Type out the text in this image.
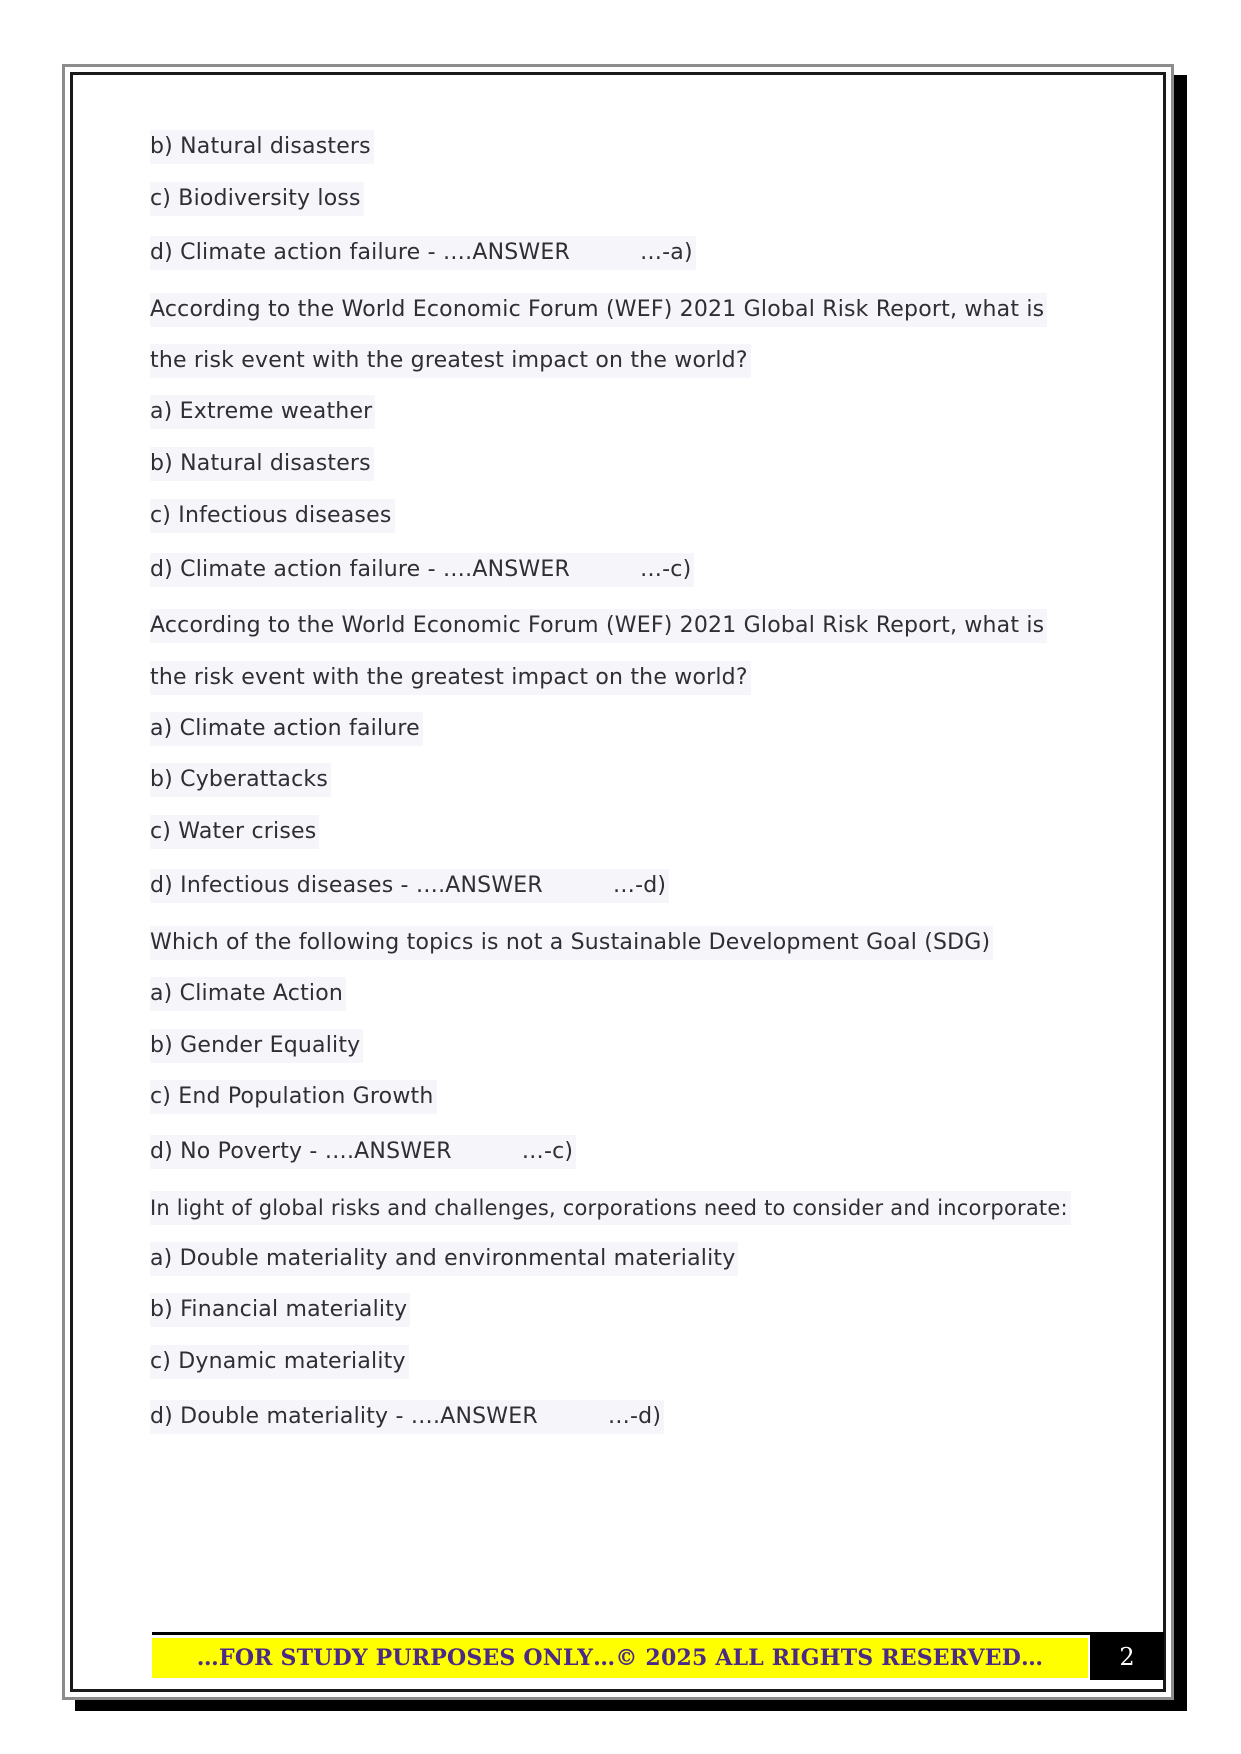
b) Natural disasters
c) Biodiversity loss
d) Climate action failure - ….ANSWER	…-a)
According to the World Economic Forum (WEF) 2021 Global Risk Report, what is
the risk event with the greatest impact on the world?
a) Extreme weather
b) Natural disasters
c) Infectious diseases
d) Climate action failure - ….ANSWER	…-c)
According to the World Economic Forum (WEF) 2021 Global Risk Report, what is
the risk event with the greatest impact on the world?
a) Climate action failure
b) Cyberattacks
c) Water crises
d) Infectious diseases - ….ANSWER	…-d)
Which of the following topics is not a Sustainable Development Goal (SDG)
a) Climate Action
b) Gender Equality
c) End Population Growth
d) No Poverty - ….ANSWER	…-c)
In light of global risks and challenges, corporations need to consider and incorporate:
a) Double materiality and environmental materiality
b) Financial materiality
c) Dynamic materiality
d) Double materiality - ….ANSWER	…-d)
…FOR STUDY PURPOSES ONLY…© 2025 ALL RIGHTS RESERVED…	2
